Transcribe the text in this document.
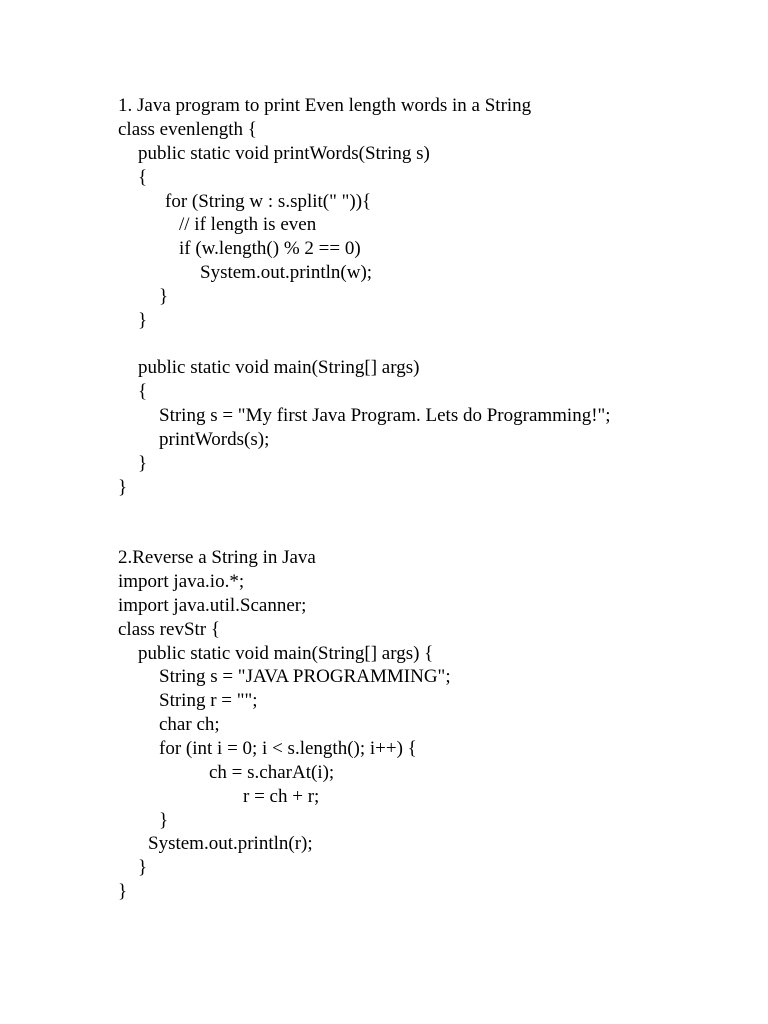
1. Java program to print Even length words in a String
class evenlength {
public static void printWords(String s)
{
for (String w : s.split(" ")){
// if length is even
if (w.length() % 2 == 0)
System.out.println(w);
}
}
public static void main(String[] args)
{
String s = "My first Java Program. Lets do Programming!";
printWords(s);
}
}
2.Reverse a String in Java
import java.io.*;
import java.util.Scanner;
class revStr {
public static void main(String[] args) {
String s = "JAVA PROGRAMMING";
String r = "";
char ch;
for (int i = 0; i < s.length(); i++) {
ch = s.charAt(i);
r = ch + r;
}
System.out.println(r);
}
}
